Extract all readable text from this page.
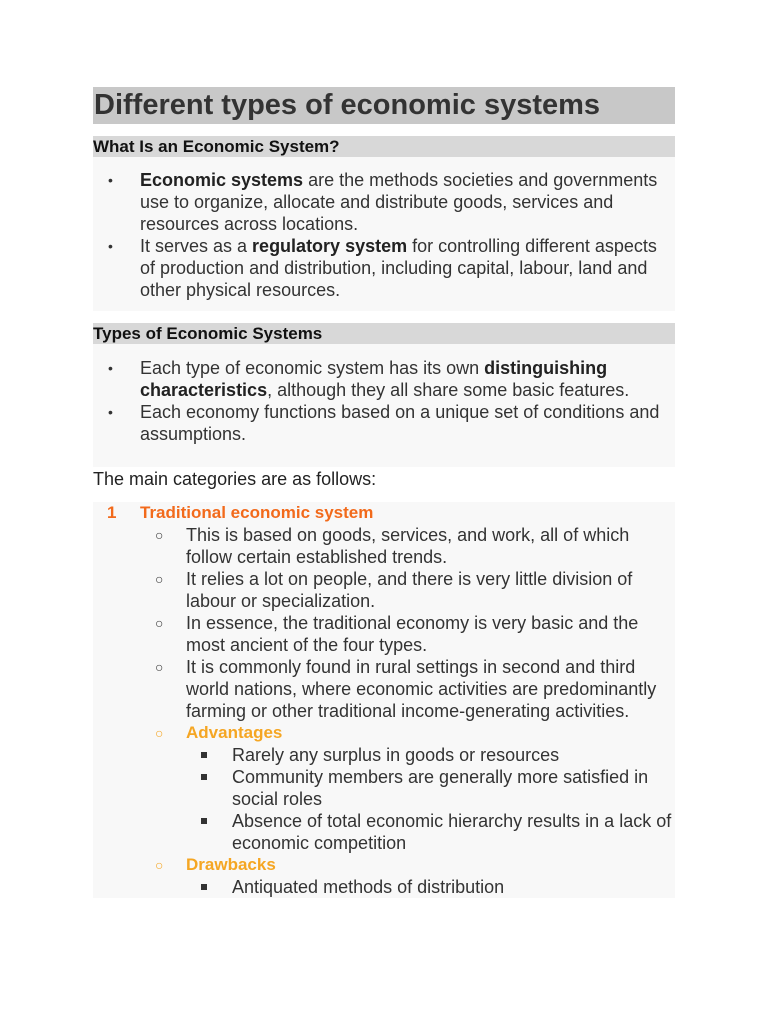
Different types of economic systems
What Is an Economic System?
• Economic systems are the methods societies and governments use to organize, allocate and distribute goods, services and resources across locations.
• It serves as a regulatory system for controlling different aspects of production and distribution, including capital, labour, land and other physical resources.
Types of Economic Systems
• Each type of economic system has its own distinguishing characteristics, although they all share some basic features.
• Each economy functions based on a unique set of conditions and assumptions.
The main categories are as follows:
1 Traditional economic system
○ This is based on goods, services, and work, all of which follow certain established trends.
○ It relies a lot on people, and there is very little division of labour or specialization.
○ In essence, the traditional economy is very basic and the most ancient of the four types.
○ It is commonly found in rural settings in second and third world nations, where economic activities are predominantly farming or other traditional income-generating activities.
○ Advantages
Rarely any surplus in goods or resources
Community members are generally more satisfied in social roles
Absence of total economic hierarchy results in a lack of economic competition
○ Drawbacks
Antiquated methods of distribution
